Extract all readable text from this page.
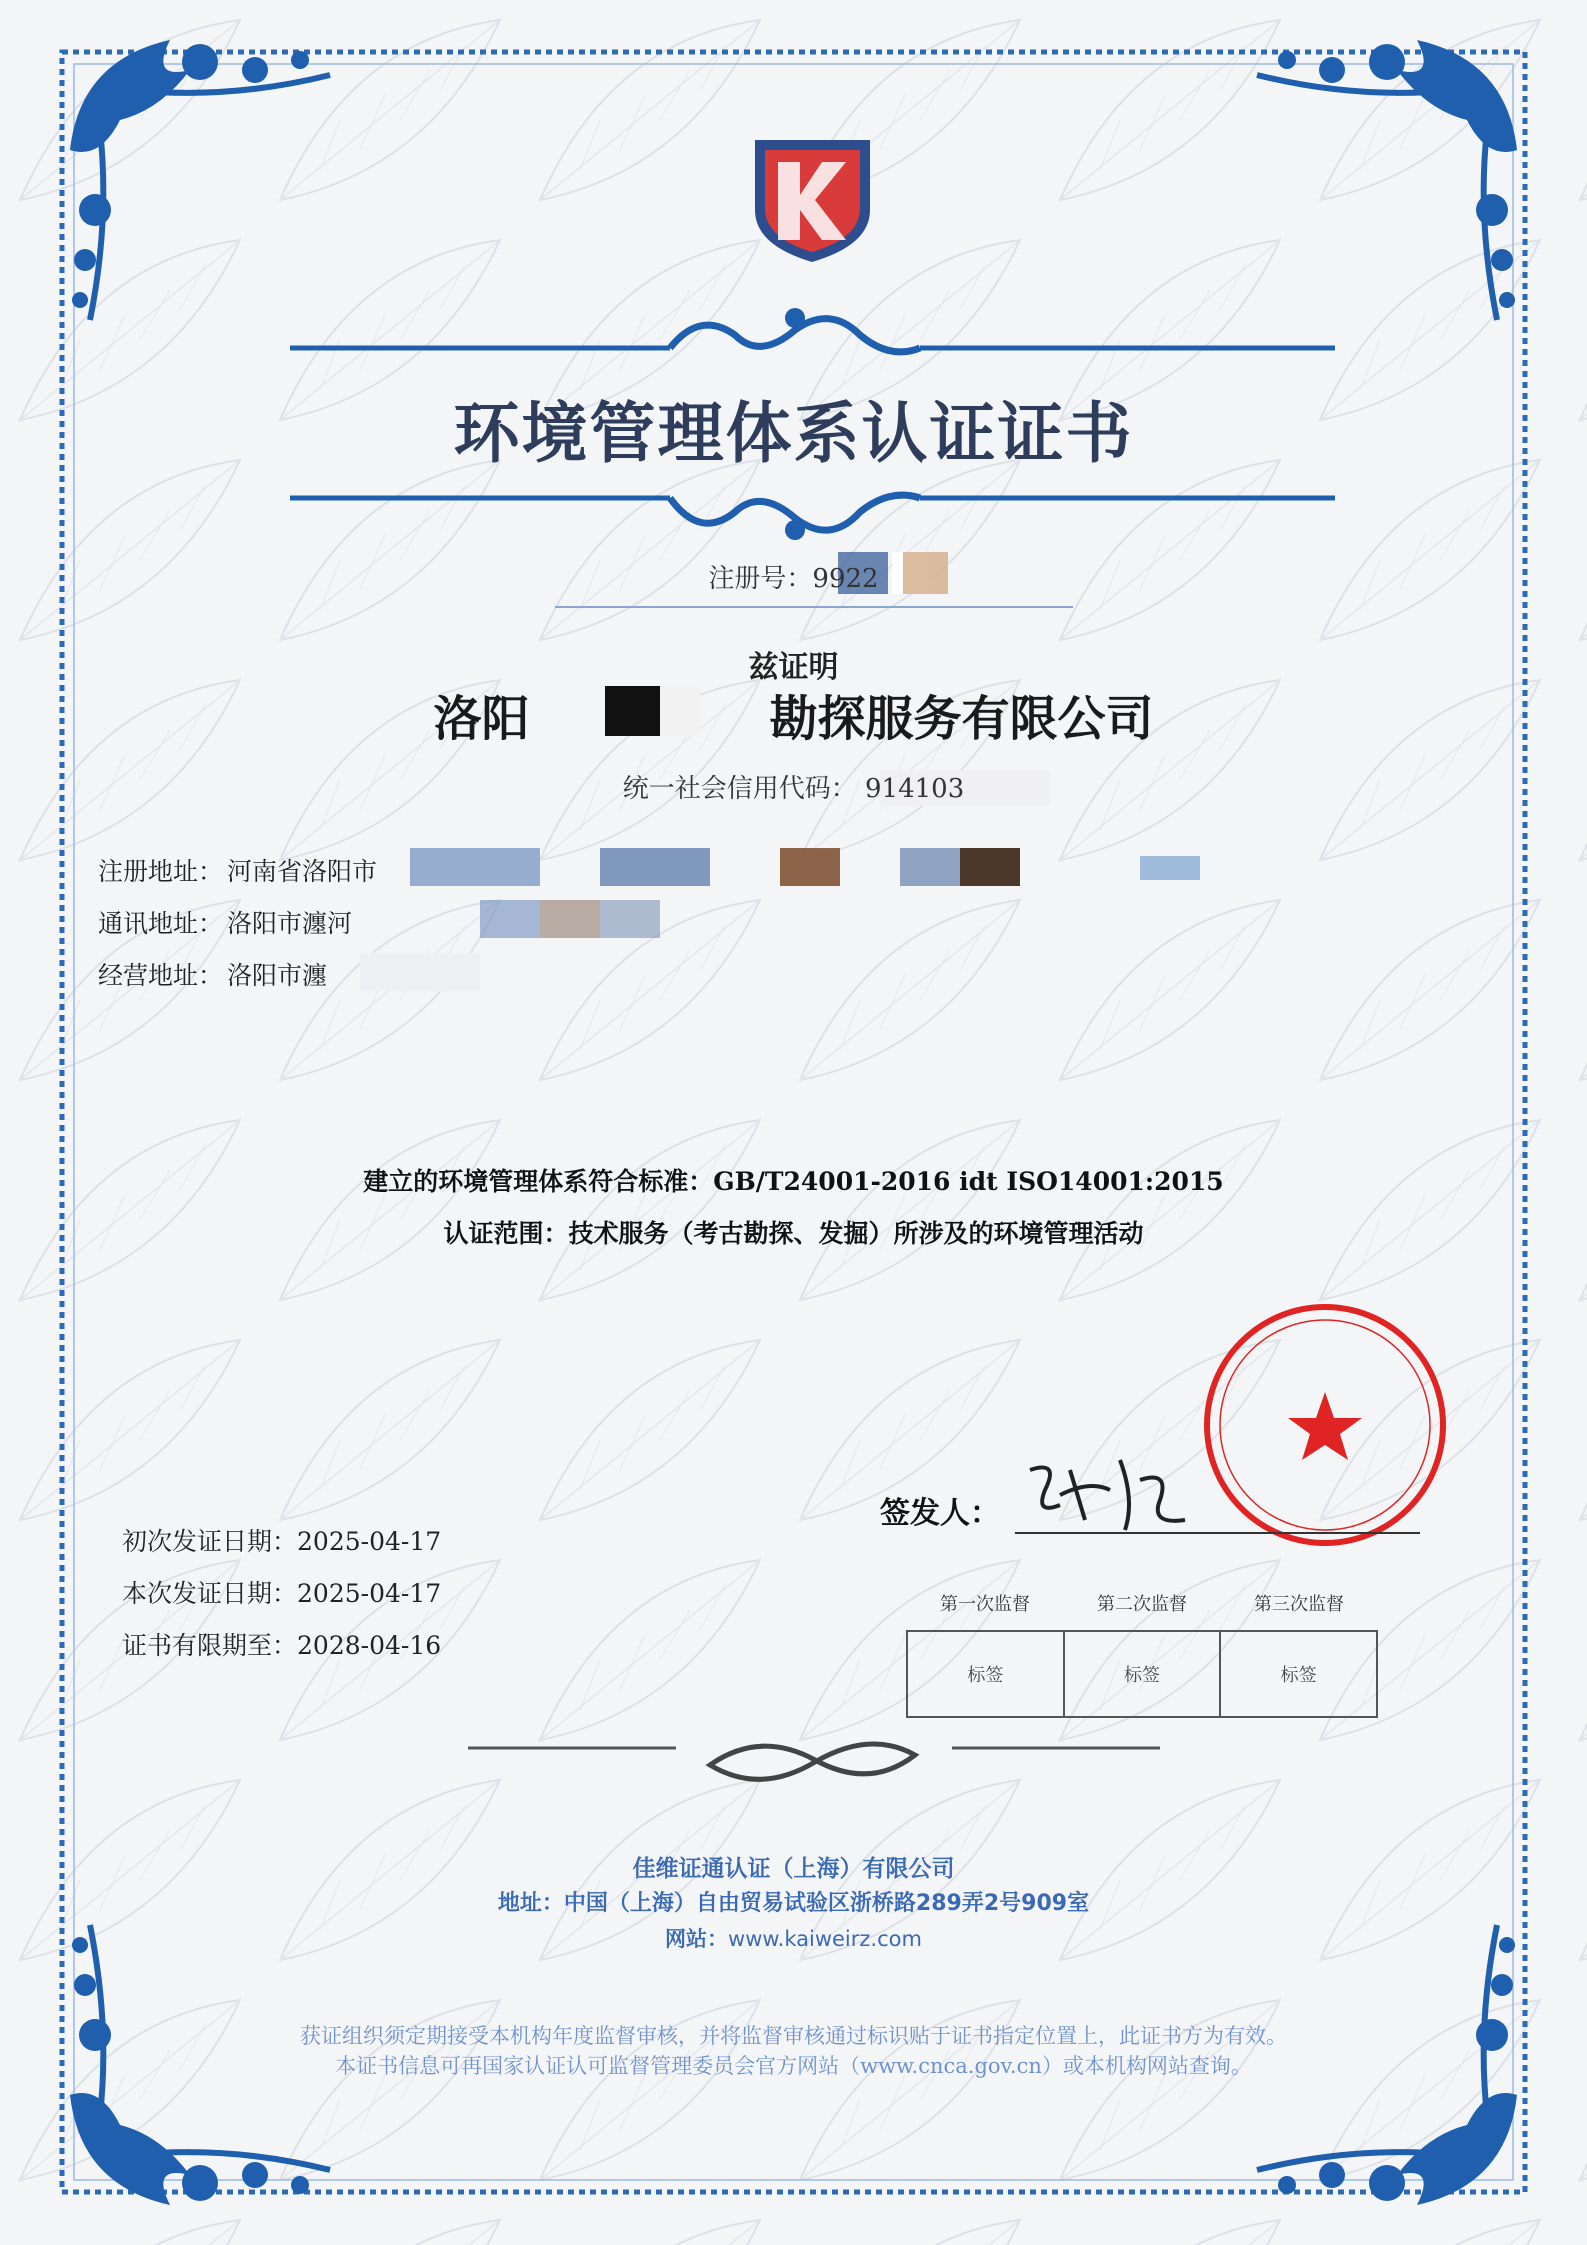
环境管理体系认证证书
注册号：9922
兹证明
洛阳	勘探服务有限公司
统一社会信用代码： 914103
注册地址： 河南省洛阳市
通讯地址： 洛阳市瀍河
经营地址： 洛阳市瀍
建立的环境管理体系符合标准：GB/T24001-2016 idt ISO14001:2015
认证范围：技术服务（考古勘探、发掘）所涉及的环境管理活动
初次发证日期：2025-04-17
本次发证日期：2025-04-17
证书有限期至：2028-04-16
签发人：
第一次监督	第二次监督	第三次监督
标签	标签	标签
佳维证通认证（上海）有限公司
地址：中国（上海）自由贸易试验区浙桥路289弄2号909室
网站：www.kaiweirz.com
获证组织须定期接受本机构年度监督审核，并将监督审核通过标识贴于证书指定位置上，此证书方为有效。
本证书信息可再国家认证认可监督管理委员会官方网站（www.cnca.gov.cn）或本机构网站查询。
